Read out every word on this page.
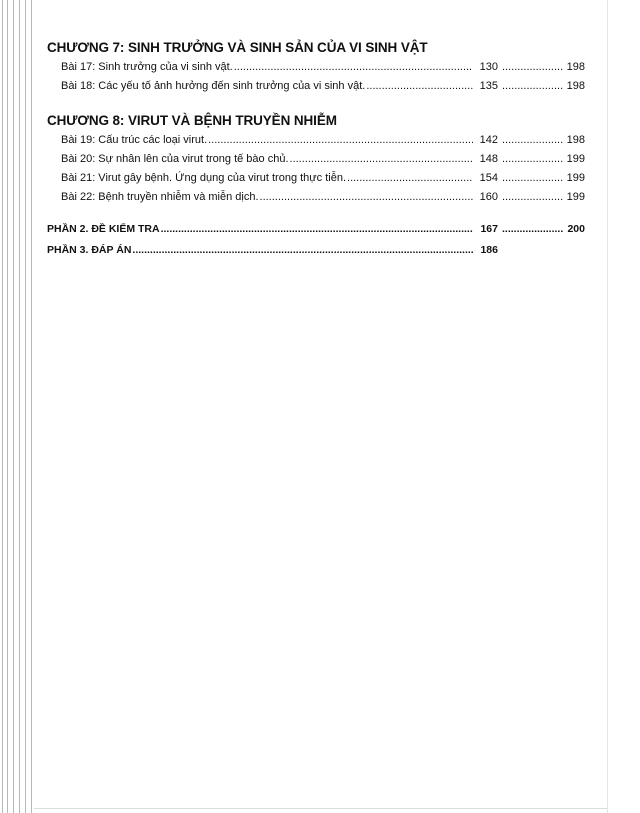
CHƯƠNG 7: SINH TRƯỞNG VÀ SINH SẢN CỦA VI SINH VẬT
Bài 17: Sinh trưởng của vi sinh vật. .....	130 .....	198
Bài 18: Các yếu tố ảnh hưởng đến sinh trưởng của vi sinh vật. .....	135 .....	198
CHƯƠNG 8: VIRUT VÀ BỆNH TRUYỀN NHIỄM
Bài 19: Cấu trúc các loại virut. .....	142 .....	198
Bài 20: Sự nhân lên của virut trong tế bào chủ. .....	148 .....	199
Bài 21: Virut gây bệnh. Ứng dụng của virut trong thực tiễn. .....	154 .....	199
Bài 22: Bệnh truyền nhiễm và miễn dịch. .....	160 .....	199
PHẦN 2. ĐỀ KIỂM TRA .....	167 .....	200
PHẦN 3. ĐÁP ÁN .....	186
